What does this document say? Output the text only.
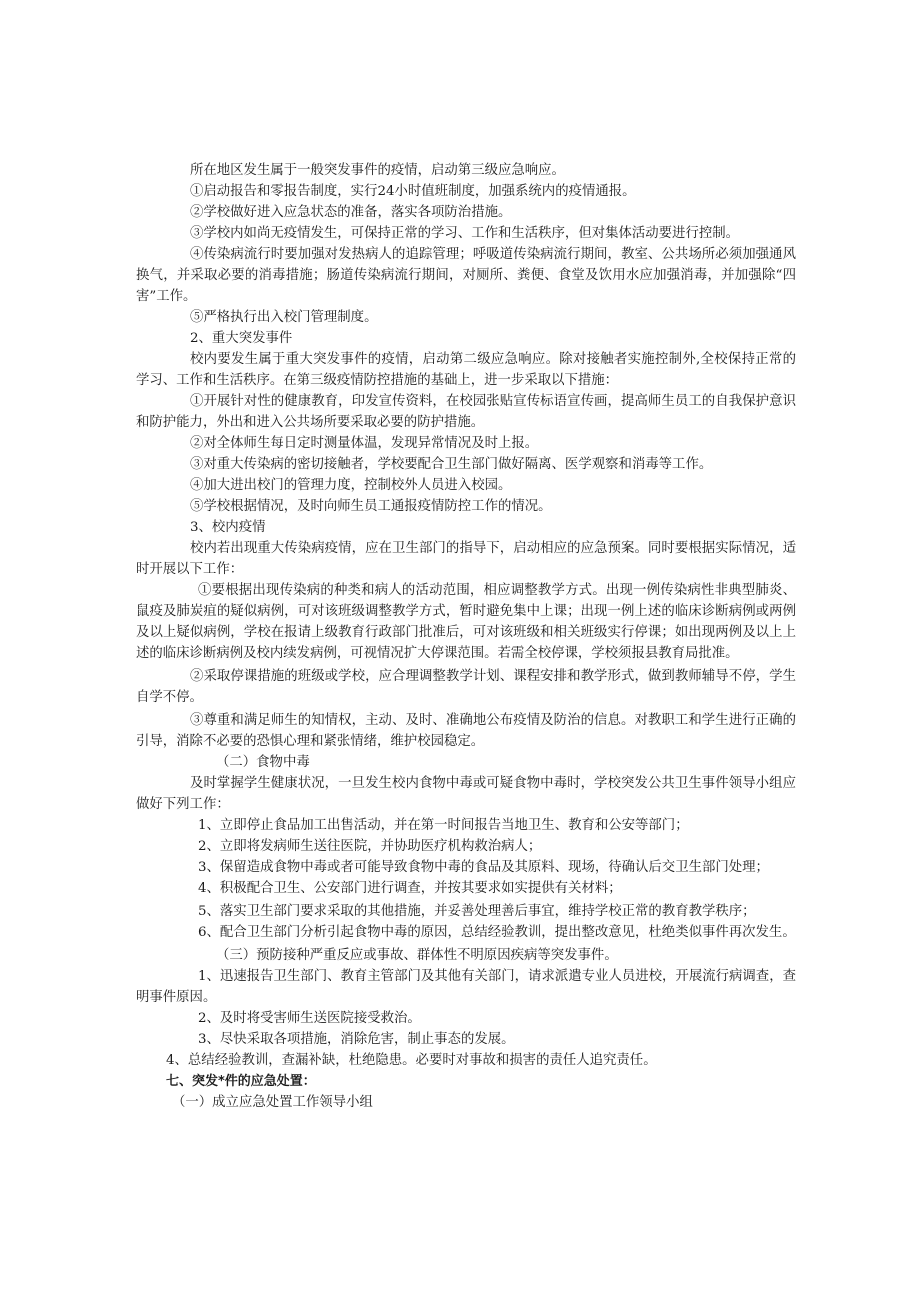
所在地区发生属于一般突发事件的疫情，启动第三级应急响应。

①启动报告和零报告制度，实行24小时值班制度，加强系统内的疫情通报。

②学校做好进入应急状态的准备，落实各项防治措施。

③学校内如尚无疫情发生，可保持正常的学习、工作和生活秩序，但对集体活动要进行控制。

④传染病流行时要加强对发热病人的追踪管理；呼吸道传染病流行期间，教室、公共场所必须加强通风换气，并采取必要的消毒措施；肠道传染病流行期间，对厕所、粪便、食堂及饮用水应加强消毒，并加强除“四害”工作。

⑤严格执行出入校门管理制度。

2、重大突发事件

校内要发生属于重大突发事件的疫情，启动第二级应急响应。除对接触者实施控制外,全校保持正常的学习、工作和生活秩序。在第三级疫情防控措施的基础上，进一步采取以下措施：

①开展针对性的健康教育，印发宣传资料，在校园张贴宣传标语宣传画，提高师生员工的自我保护意识和防护能力，外出和进入公共场所要采取必要的防护措施。

②对全体师生每日定时测量体温，发现异常情况及时上报。

③对重大传染病的密切接触者，学校要配合卫生部门做好隔离、医学观察和消毒等工作。

④加大进出校门的管理力度，控制校外人员进入校园。

⑤学校根据情况，及时向师生员工通报疫情防控工作的情况。

3、校内疫情

校内若出现重大传染病疫情，应在卫生部门的指导下，启动相应的应急预案。同时要根据实际情况，适时开展以下工作：

①要根据出现传染病的种类和病人的活动范围，相应调整教学方式。出现一例传染病性非典型肺炎、鼠疫及肺炭疽的疑似病例，可对该班级调整教学方式，暂时避免集中上课；出现一例上述的临床诊断病例或两例及以上疑似病例，学校在报请上级教育行政部门批准后，可对该班级和相关班级实行停课；如出现两例及以上上述的临床诊断病例及校内续发病例，可视情况扩大停课范围。若需全校停课，学校须报县教育局批准。

②采取停课措施的班级或学校，应合理调整教学计划、课程安排和教学形式，做到教师辅导不停，学生自学不停。

③尊重和满足师生的知情权，主动、及时、准确地公布疫情及防治的信息。对教职工和学生进行正确的引导，消除不必要的恐惧心理和紧张情绪，维护校园稳定。

（二）食物中毒

及时掌握学生健康状况，一旦发生校内食物中毒或可疑食物中毒时，学校突发公共卫生事件领导小组应做好下列工作：

1、立即停止食品加工出售活动，并在第一时间报告当地卫生、教育和公安等部门；

2、立即将发病师生送往医院，并协助医疗机构救治病人；

3、保留造成食物中毒或者可能导致食物中毒的食品及其原料、现场，待确认后交卫生部门处理；

4、积极配合卫生、公安部门进行调查，并按其要求如实提供有关材料；

5、落实卫生部门要求采取的其他措施，并妥善处理善后事宜，维持学校正常的教育教学秩序；

6、配合卫生部门分析引起食物中毒的原因，总结经验教训，提出整改意见，杜绝类似事件再次发生。

（三）预防接种严重反应或事故、群体性不明原因疾病等突发事件。

1、迅速报告卫生部门、教育主管部门及其他有关部门，请求派遣专业人员进校，开展流行病调查，查明事件原因。

2、及时将受害师生送医院接受救治。

3、尽快采取各项措施，消除危害，制止事态的发展。

4、总结经验教训，查漏补缺，杜绝隐患。必要时对事故和损害的责任人追究责任。

七、突发*件的应急处置：

（一）成立应急处置工作领导小组
